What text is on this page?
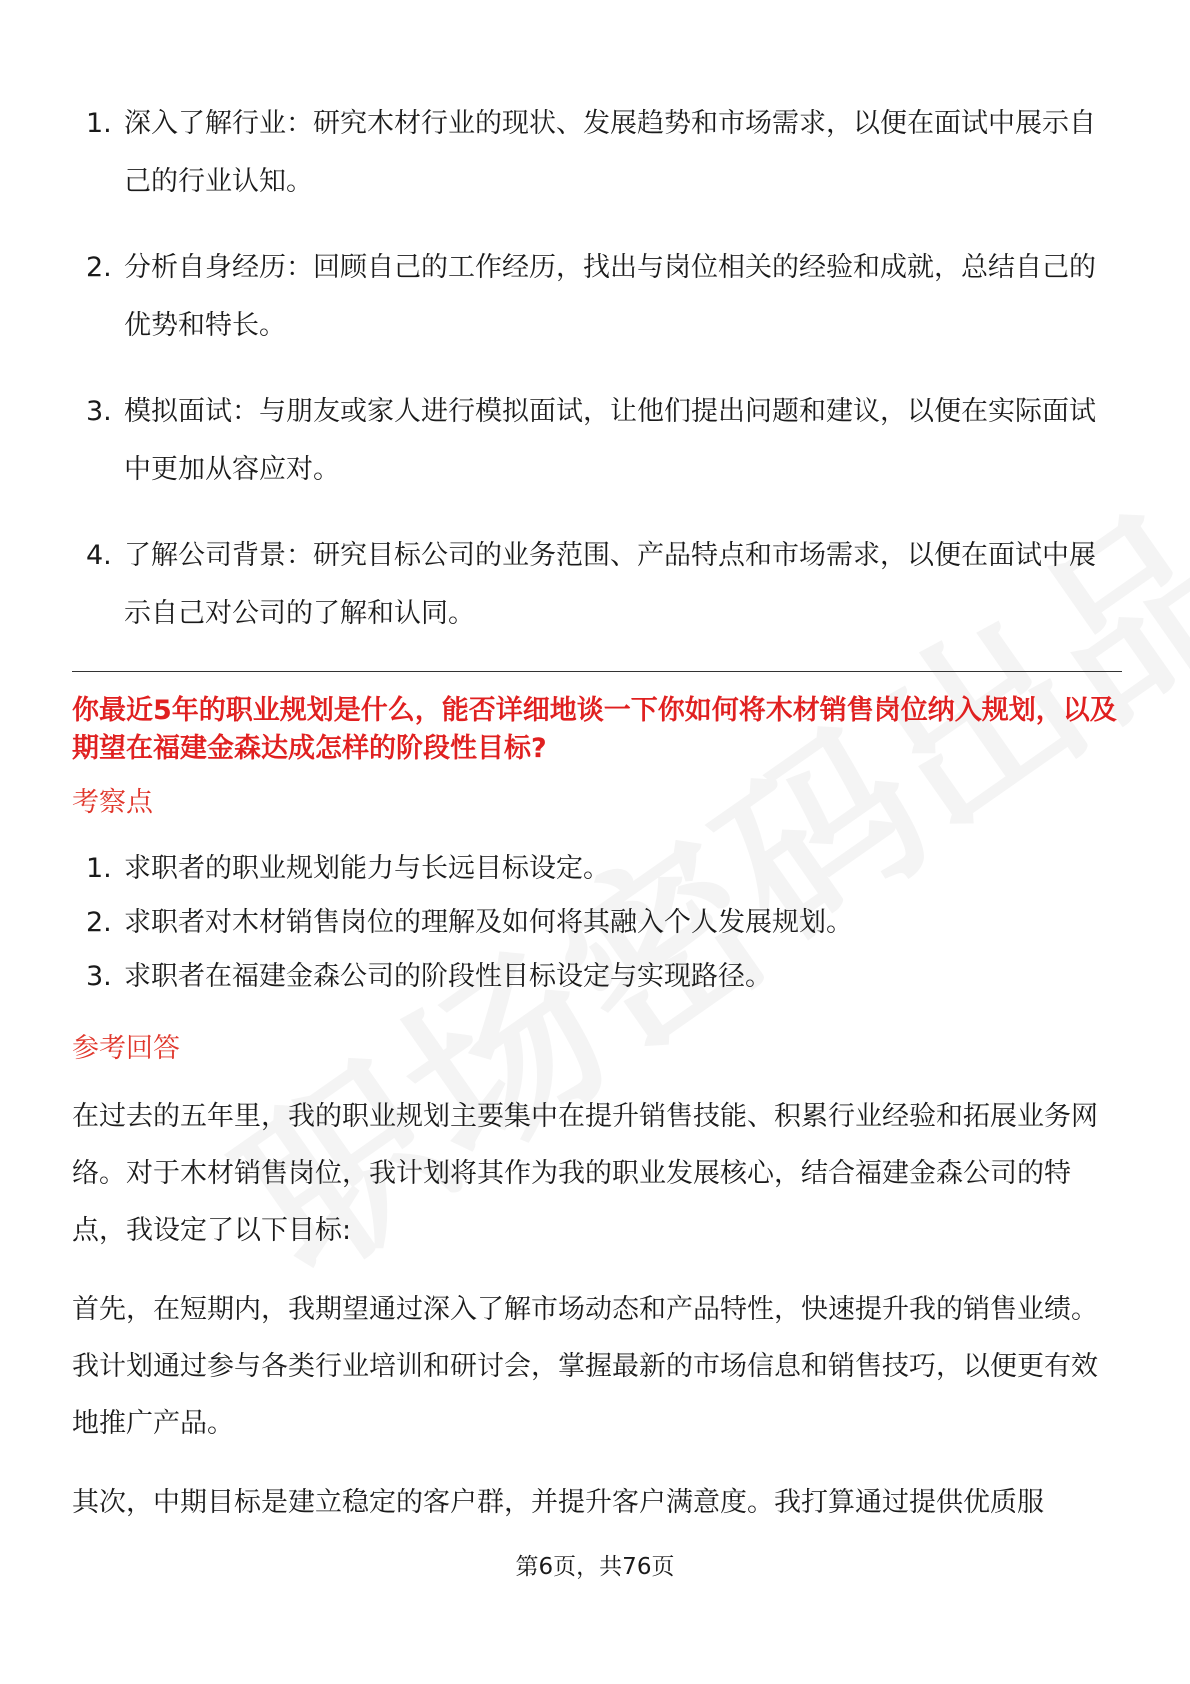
1. 深入了解行业：研究木材行业的现状、发展趋势和市场需求，以便在面试中展示自己的行业认知。
2. 分析自身经历：回顾自己的工作经历，找出与岗位相关的经验和成就，总结自己的优势和特长。
3. 模拟面试：与朋友或家人进行模拟面试，让他们提出问题和建议，以便在实际面试中更加从容应对。
4. 了解公司背景：研究目标公司的业务范围、产品特点和市场需求，以便在面试中展示自己对公司的了解和认同。

你最近5年的职业规划是什么，能否详细地谈一下你如何将木材销售岗位纳入规划，以及期望在福建金森达成怎样的阶段性目标?

考察点
1. 求职者的职业规划能力与长远目标设定。
2. 求职者对木材销售岗位的理解及如何将其融入个人发展规划。
3. 求职者在福建金森公司的阶段性目标设定与实现路径。
参考回答

在过去的五年里，我的职业规划主要集中在提升销售技能、积累行业经验和拓展业务网络。对于木材销售岗位，我计划将其作为我的职业发展核心，结合福建金森公司的特点，我设定了以下目标:

首先，在短期内，我期望通过深入了解市场动态和产品特性，快速提升我的销售业绩。我计划通过参与各类行业培训和研讨会，掌握最新的市场信息和销售技巧，以便更有效地推广产品。

其次，中期目标是建立稳定的客户群，并提升客户满意度。我打算通过提供优质服

第6页，共76页
